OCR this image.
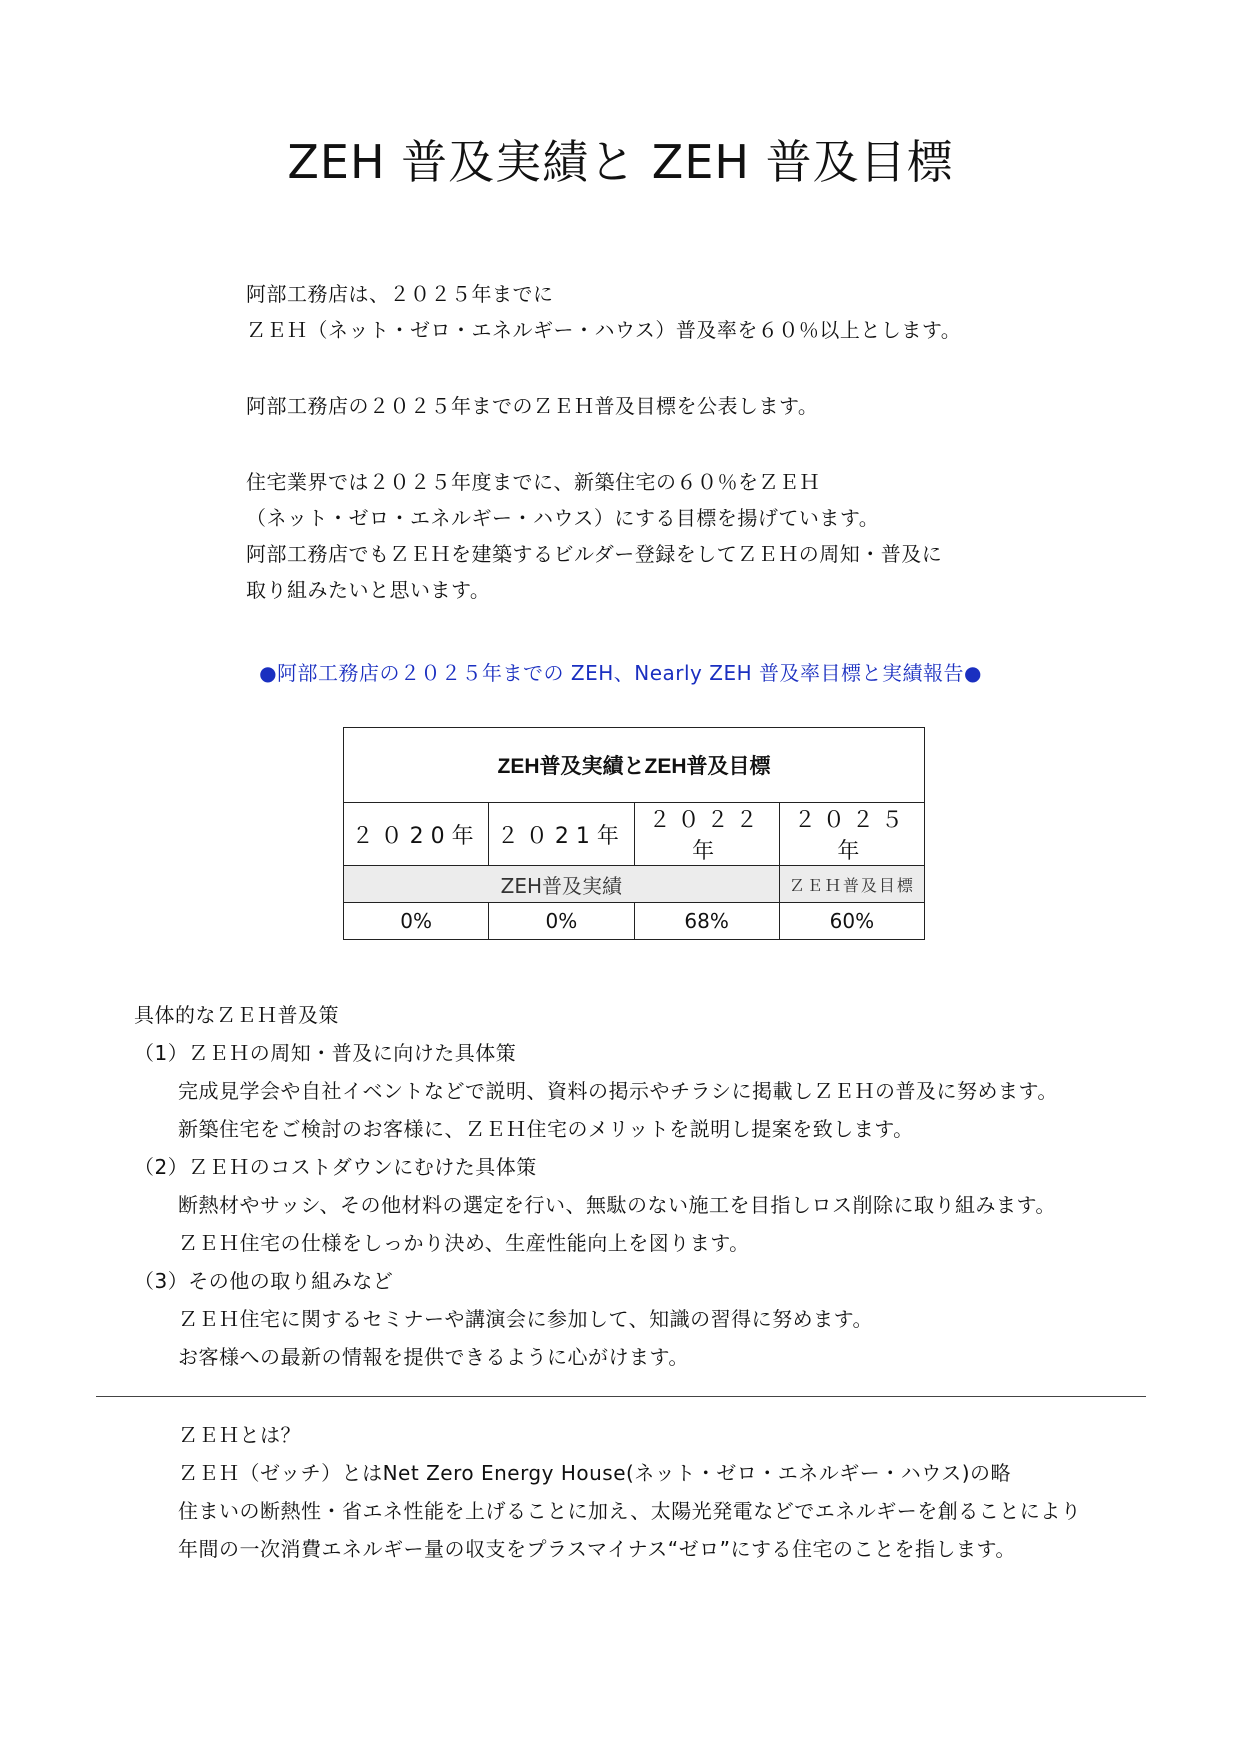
ZEH 普及実績と ZEH 普及目標

阿部工務店は、２０２５年までに

ＺＥＨ（ネット・ゼロ・エネルギー・ハウス）普及率を６０％以上とします。

阿部工務店の２０２５年までのＺＥＨ普及目標を公表します。

住宅業界では２０２５年度までに、新築住宅の６０％をＺＥＨ

（ネット・ゼロ・エネルギー・ハウス）にする目標を揚げています。

阿部工務店でもＺＥＨを建築するビルダー登録をしてＺＥＨの周知・普及に

取り組みたいと思います。

●阿部工務店の２０２５年までの ZEH、Nearly ZEH 普及率目標と実績報告●
ZEH普及実績とZEH普及目標			
２０20年	２０21年	２０２２年	２０２５年
ZEH普及実績			ＺＥＨ普及目標
0%	0%	68%	60%

具体的なＺＥＨ普及策

（1）ＺＥＨの周知・普及に向けた具体策

完成見学会や自社イベントなどで説明、資料の掲示やチラシに掲載しＺＥＨの普及に努めます。

新築住宅をご検討のお客様に、ＺＥＨ住宅のメリットを説明し提案を致します。

（2）ＺＥＨのコストダウンにむけた具体策

断熱材やサッシ、その他材料の選定を行い、無駄のない施工を目指しロス削除に取り組みます。

ＺＥＨ住宅の仕様をしっかり決め、生産性能向上を図ります。

（3）その他の取り組みなど

ＺＥＨ住宅に関するセミナーや講演会に参加して、知識の習得に努めます。

お客様への最新の情報を提供できるように心がけます。

ＺＥＨとは？

ＺＥＨ（ゼッチ）とはNet Zero Energy House(ネット・ゼロ・エネルギー・ハウス)の略

住まいの断熱性・省エネ性能を上げることに加え、太陽光発電などでエネルギーを創ることにより

年間の一次消費エネルギー量の収支をプラスマイナス“ゼロ”にする住宅のことを指します。
